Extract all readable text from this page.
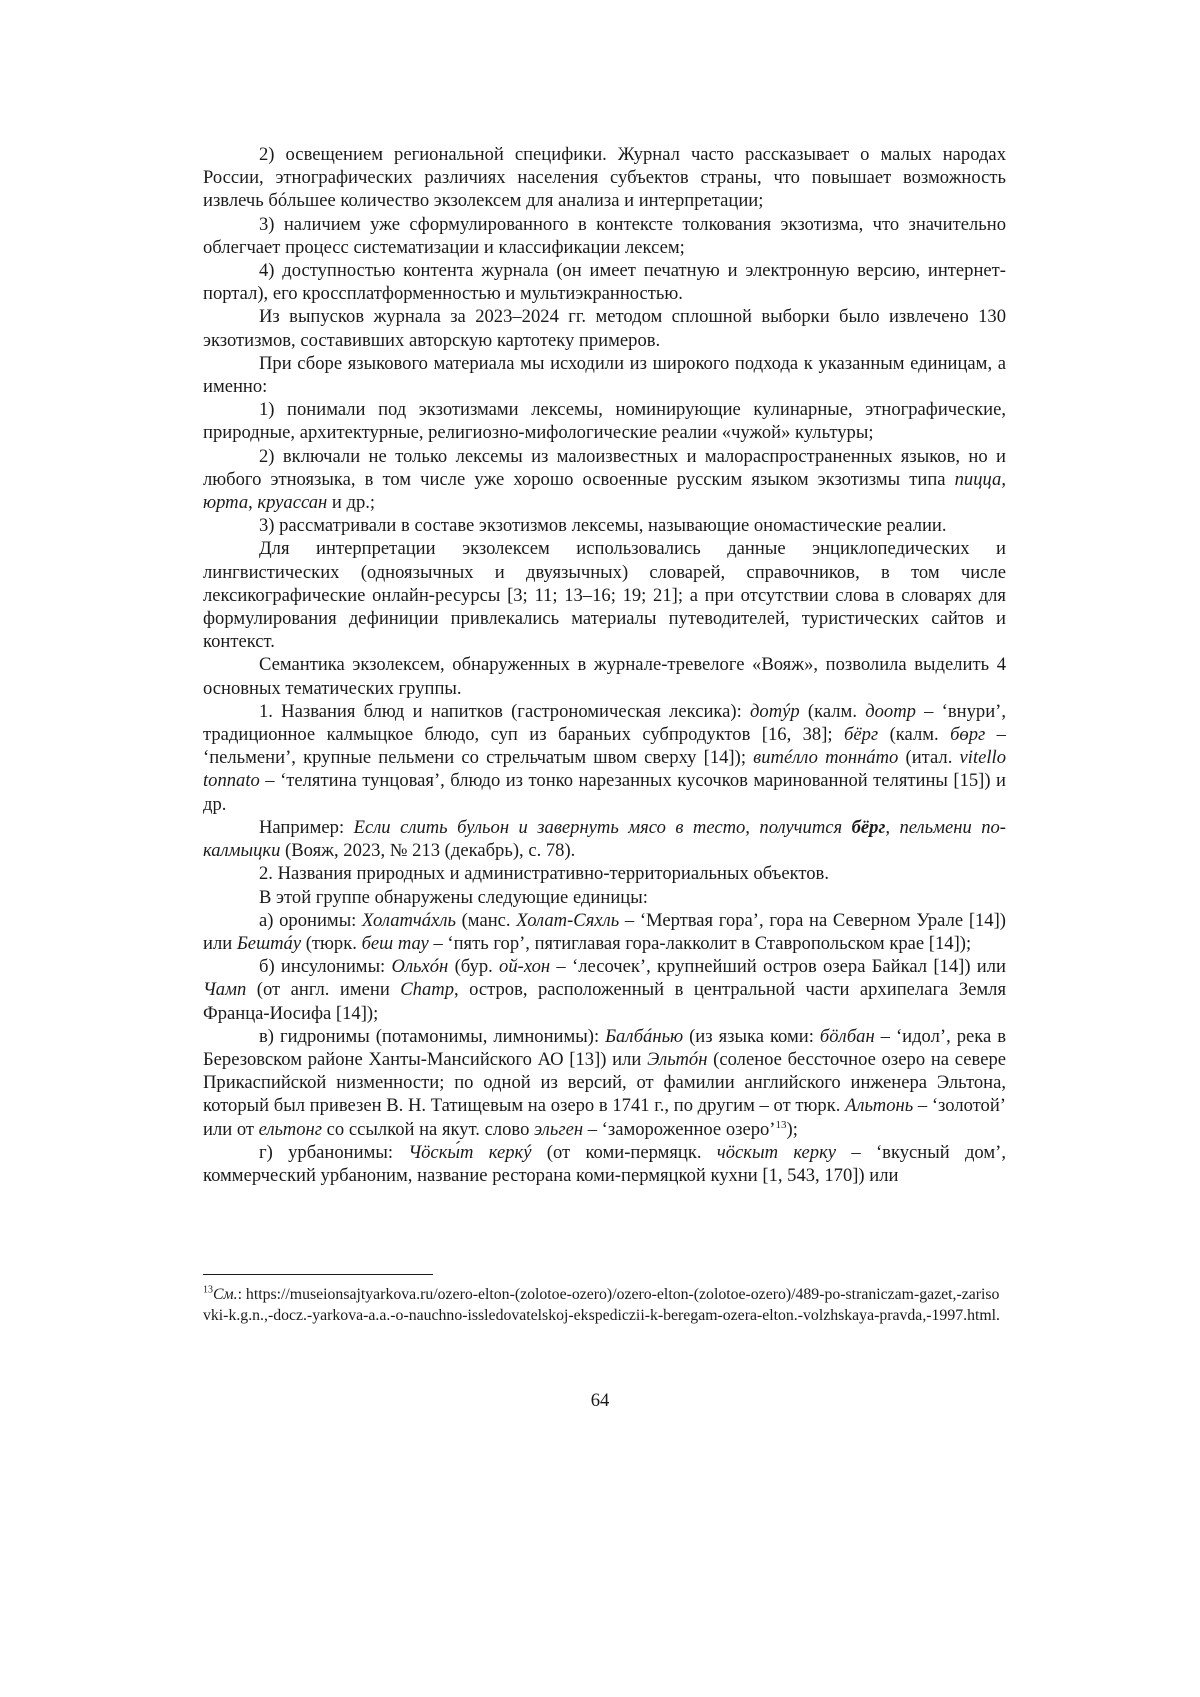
2) освещением региональной специфики. Журнал часто рассказывает о малых народах России, этнографических различиях населения субъектов страны, что повышает возможность извлечь бóльшее количество экзолексем для анализа и интерпретации;

3) наличием уже сформулированного в контексте толкования экзотизма, что значительно облегчает процесс систематизации и классификации лексем;

4) доступностью контента журнала (он имеет печатную и электронную версию, интернет-портал), его кроссплатформенностью и мультиэкранностью.

Из выпусков журнала за 2023–2024 гг. методом сплошной выборки было извлечено 130 экзотизмов, составивших авторскую картотеку примеров.

При сборе языкового материала мы исходили из широкого подхода к указанным единицам, а именно:

1) понимали под экзотизмами лексемы, номинирующие кулинарные, этнографические, природные, архитектурные, религиозно-мифологические реалии «чужой» культуры;

2) включали не только лексемы из малоизвестных и малораспространенных языков, но и любого этноязыка, в том числе уже хорошо освоенные русским языком экзотизмы типа пицца, юрта, круассан и др.;

3) рассматривали в составе экзотизмов лексемы, называющие ономастические реалии.

Для интерпретации экзолексем использовались данные энциклопедических и лингвистических (одноязычных и двуязычных) словарей, справочников, в том числе лексикографические онлайн-ресурсы [3; 11; 13–16; 19; 21]; а при отсутствии слова в словарях для формулирования дефиниции привлекались материалы путеводителей, туристических сайтов и контекст.

Семантика экзолексем, обнаруженных в журнале-тревелоге «Вояж», позволила выделить 4 основных тематических группы.

1. Названия блюд и напитков (гастрономическая лексика): дотýр (калм. доотр – ‘внури’, традиционное калмыцкое блюдо, суп из бараньих субпродуктов [16, 38]; бёрг (калм. бөрг – ‘пельмени’, крупные пельмени со стрельчатым швом сверху [14]); витéлло тоннáто (итал. vitello tonnato – ‘телятина тунцовая’, блюдо из тонко нарезанных кусочков маринованной телятины [15]) и др.

Например: Если слить бульон и завернуть мясо в тесто, получится бёрг, пельмени по-калмыцки (Вояж, 2023, № 213 (декабрь), с. 78).

2. Названия природных и административно-территориальных объектов.

В этой группе обнаружены следующие единицы:

а) оронимы: Холатчáхль (манс. Холат-Сяхль – ‘Мертвая гора’, гора на Северном Урале [14]) или Бештáу (тюрк. беш тау – ‘пять гор’, пятиглавая гора-лакколит в Ставропольском крае [14]);

б) инсулонимы: Ольхóн (бур. ой-хон – ‘лесочек’, крупнейший остров озера Байкал [14]) или Чамп (от англ. имени Champ, остров, расположенный в центральной части архипелага Земля Франца-Иосифа [14]);

в) гидронимы (потамонимы, лимнонимы): Балбáнью (из языка коми: бöлбан – ‘идол’, река в Березовском районе Ханты-Мансийского АО [13]) или Эльтóн (соленое бессточное озеро на севере Прикаспийской низменности; по одной из версий, от фамилии английского инженера Эльтона, который был привезен В. Н. Татищевым на озеро в 1741 г., по другим – от тюрк. Альтонь – ‘золотой’ или от ельтонг со ссылкой на якут. слово эльген – ‘замороженное озеро’$^{13}$);

г) урбанонимы: Чöскы́т керкý (от коми-пермяцк. чöскыт керку – ‘вкусный дом’, коммерческий урбаноним, название ресторана коми-пермяцкой кухни [1, 543, 170]) или

$^{13}$См.: https://museionsajtyarkova.ru/ozero-elton-(zolotoe-ozero)/ozero-elton-(zolotoe-ozero)/489-po-straniczam-gazet,-zarisovki-k.g.n.,-docz.-yarkova-a.a.-o-nauchno-issledovatelskoj-ekspediczii-k-beregam-ozera-elton.-volzhskaya-pravda,-1997.html.
64
